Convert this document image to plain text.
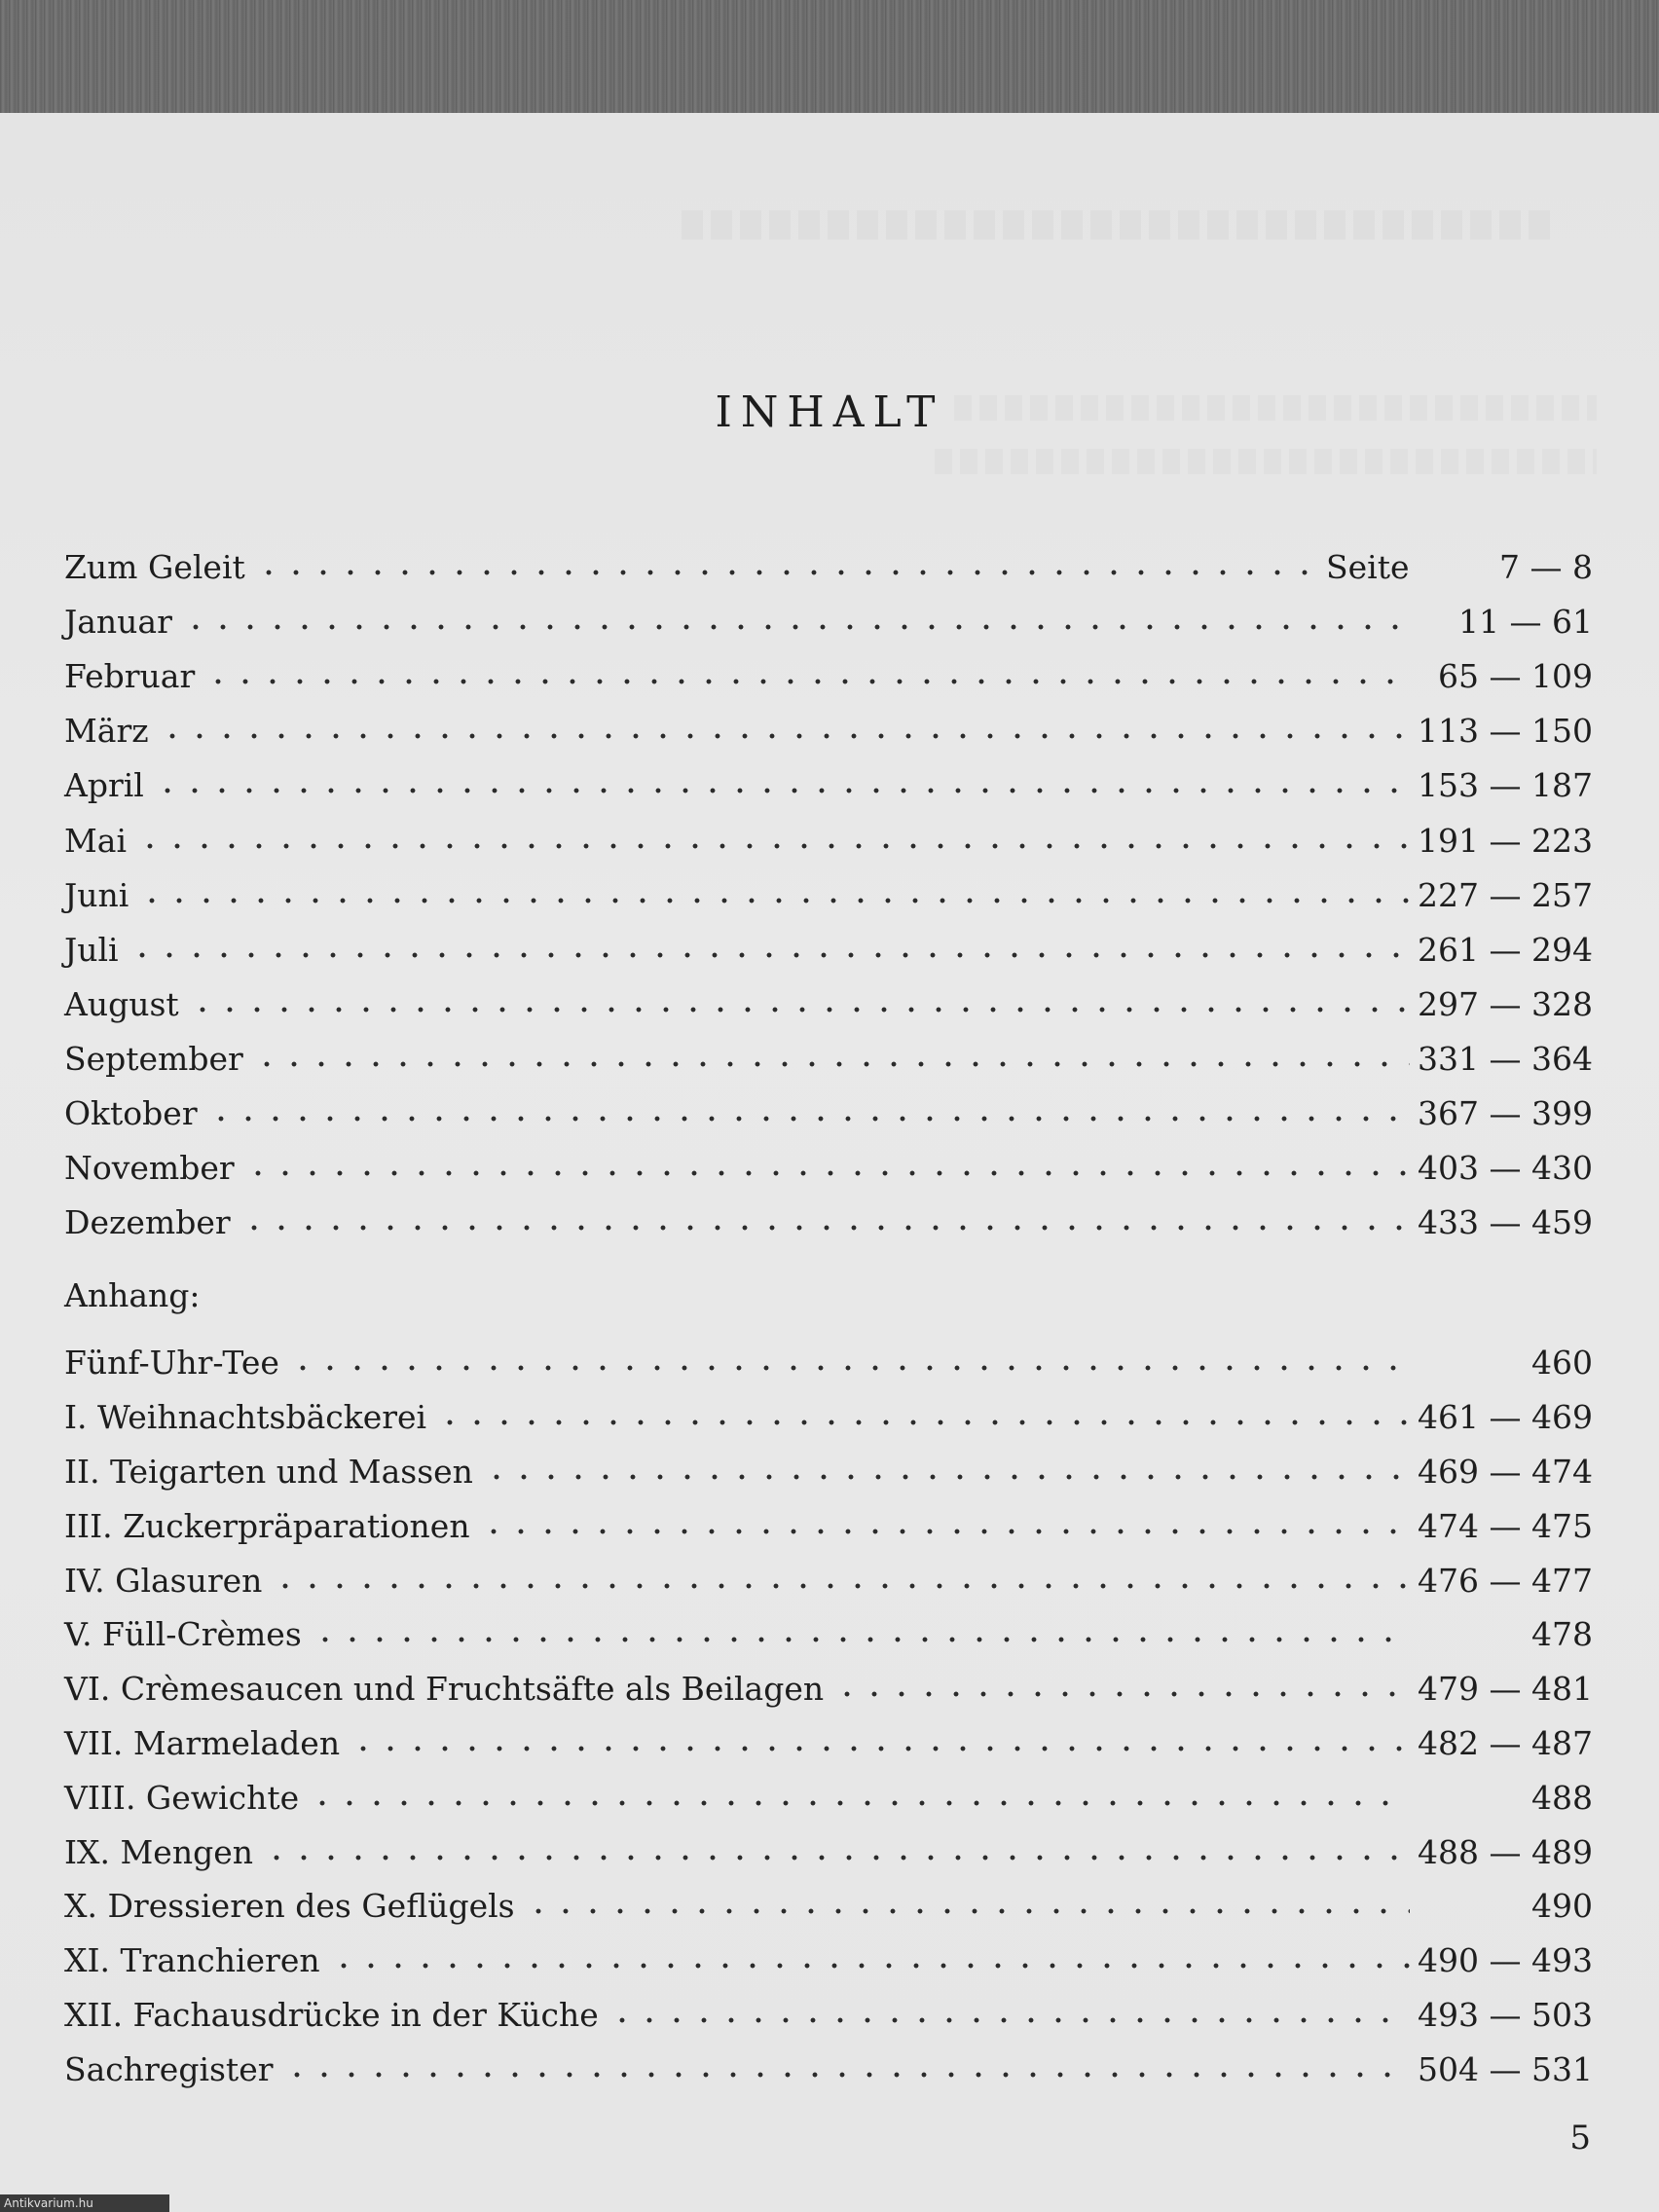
INHALT
Zum Geleit	Seite	7 — 8
Januar	11 — 61
Februar	65 — 109
März	113 — 150
April	153 — 187
Mai	191 — 223
Juni	227 — 257
Juli	261 — 294
August	297 — 328
September	331 — 364
Oktober	367 — 399
November	403 — 430
Dezember	433 — 459
Anhang:
Fünf-Uhr-Tee	460
I. Weihnachtsbäckerei	461 — 469
II. Teigarten und Massen	469 — 474
III. Zuckerpräparationen	474 — 475
IV. Glasuren	476 — 477
V. Füll-Crèmes	478
VI. Crèmesaucen und Fruchtsäfte als Beilagen	479 — 481
VII. Marmeladen	482 — 487
VIII. Gewichte	488
IX. Mengen	488 — 489
X. Dressieren des Geflügels	490
XI. Tranchieren	490 — 493
XII. Fachausdrücke in der Küche	493 — 503
Sachregister	504 — 531
5
Antikvarium.hu
